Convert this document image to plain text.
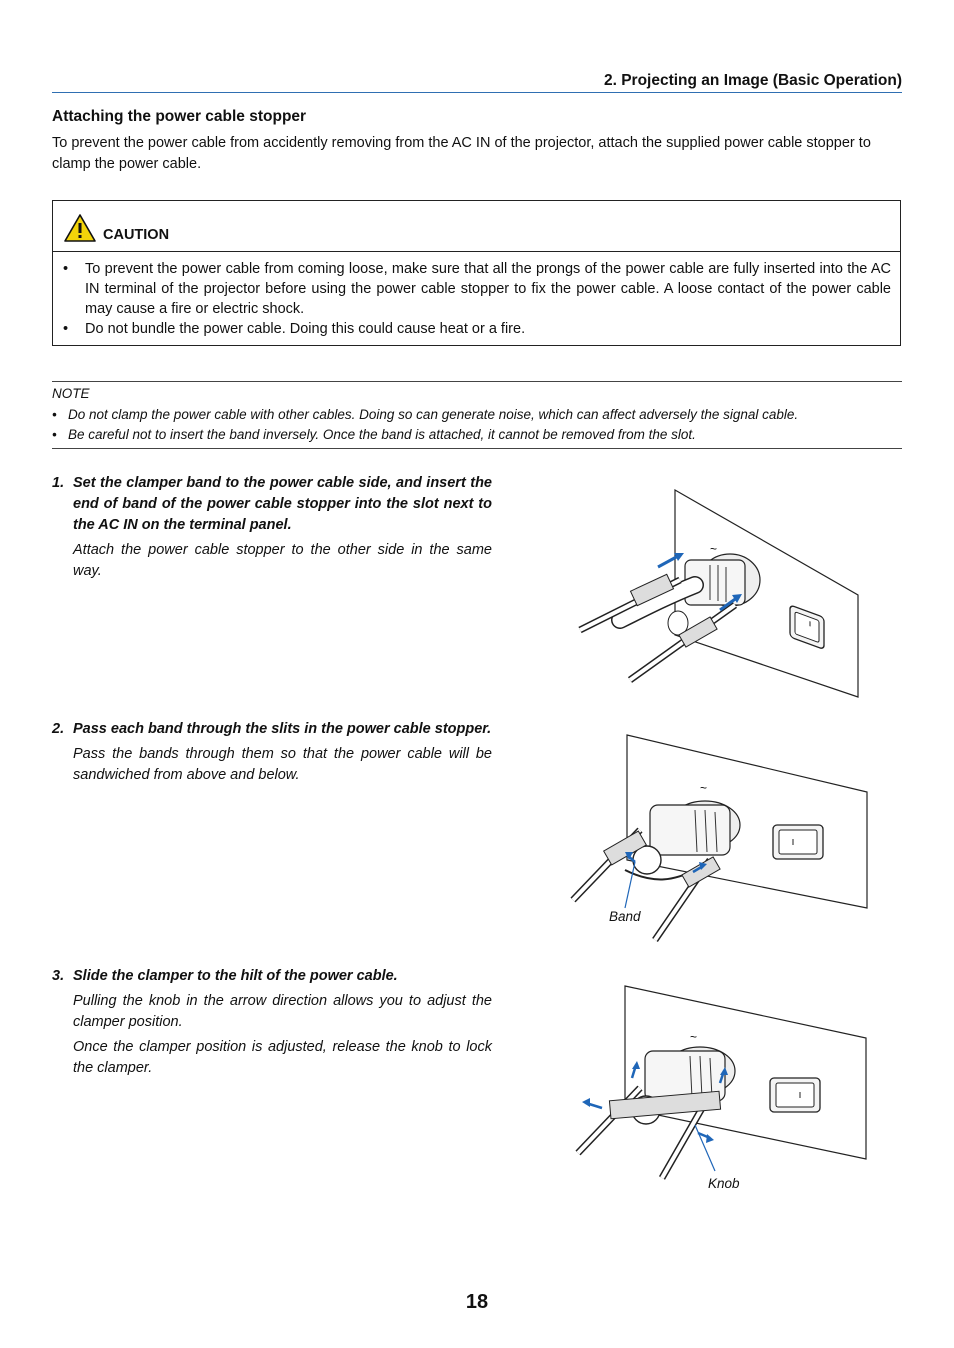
2. Projecting an Image (Basic Operation)
Attaching the power cable stopper
To prevent the power cable from accidently removing from the AC IN of the projector, attach the supplied power cable stopper to clamp the power cable.
CAUTION
•	To prevent the power cable from coming loose, make sure that all the prongs of the power cable are fully inserted into the AC IN terminal of the projector before using the power cable stopper to fix the power cable. A loose contact of the power cable may cause a fire or electric shock.
•	Do not bundle the power cable. Doing this could cause heat or a fire.
NOTE
• Do not clamp the power cable with other cables. Doing so can generate noise, which can affect adversely the signal cable.
• Be careful not to insert the band inversely. Once the band is attached, it cannot be removed from the slot.
1. Set the clamper band to the power cable side, and insert the end of band of the power cable stopper into the slot next to the AC IN on the terminal panel.
Attach the power cable stopper to the other side in the same way.
2. Pass each band through the slits in the power cable stopper.
Pass the bands through them so that the power cable will be sandwiched from above and below.
3. Slide the clamper to the hilt of the power cable.
Pulling the knob in the arrow direction allows you to adjust the clamper position.
Once the clamper position is adjusted, release the knob to lock the clamper.
~
~
Band
~
Knob
18
